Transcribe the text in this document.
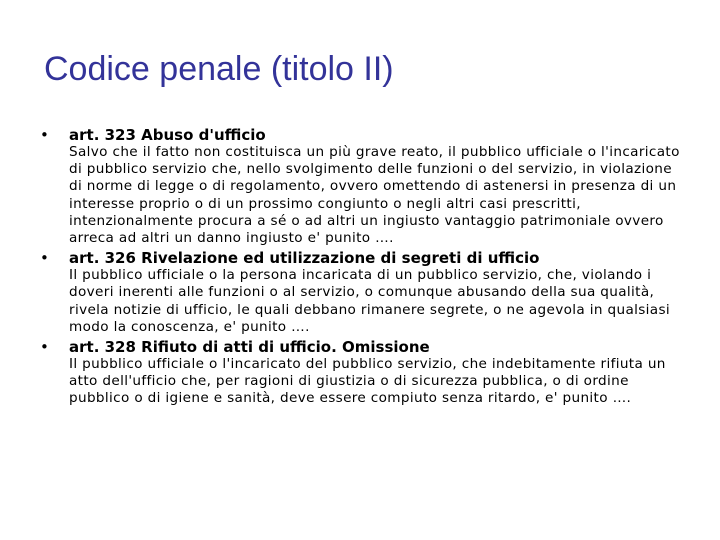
Codice penale (titolo II)
• art. 323 Abuso d'ufficio
Salvo che il fatto non costituisca un più grave reato, il pubblico ufficiale o l'incaricato di pubblico servizio che, nello svolgimento delle funzioni o del servizio, in violazione di norme di legge o di regolamento, ovvero omettendo di astenersi in presenza di un interesse proprio o di un prossimo congiunto o negli altri casi prescritti, intenzionalmente procura a sé o ad altri un ingiusto vantaggio patrimoniale ovvero arreca ad altri un danno ingiusto e' punito ….
• art. 326 Rivelazione ed utilizzazione di segreti di ufficio
Il pubblico ufficiale o la persona incaricata di un pubblico servizio, che, violando i doveri inerenti alle funzioni o al servizio, o comunque abusando della sua qualità, rivela notizie di ufficio, le quali debbano rimanere segrete, o ne agevola in qualsiasi modo la conoscenza, e' punito ….
• art. 328 Rifiuto di atti di ufficio. Omissione
Il pubblico ufficiale o l'incaricato del pubblico servizio, che indebitamente rifiuta un atto dell'ufficio che, per ragioni di giustizia o di sicurezza pubblica, o di ordine pubblico o di igiene e sanità, deve essere compiuto senza ritardo, e' punito ….
